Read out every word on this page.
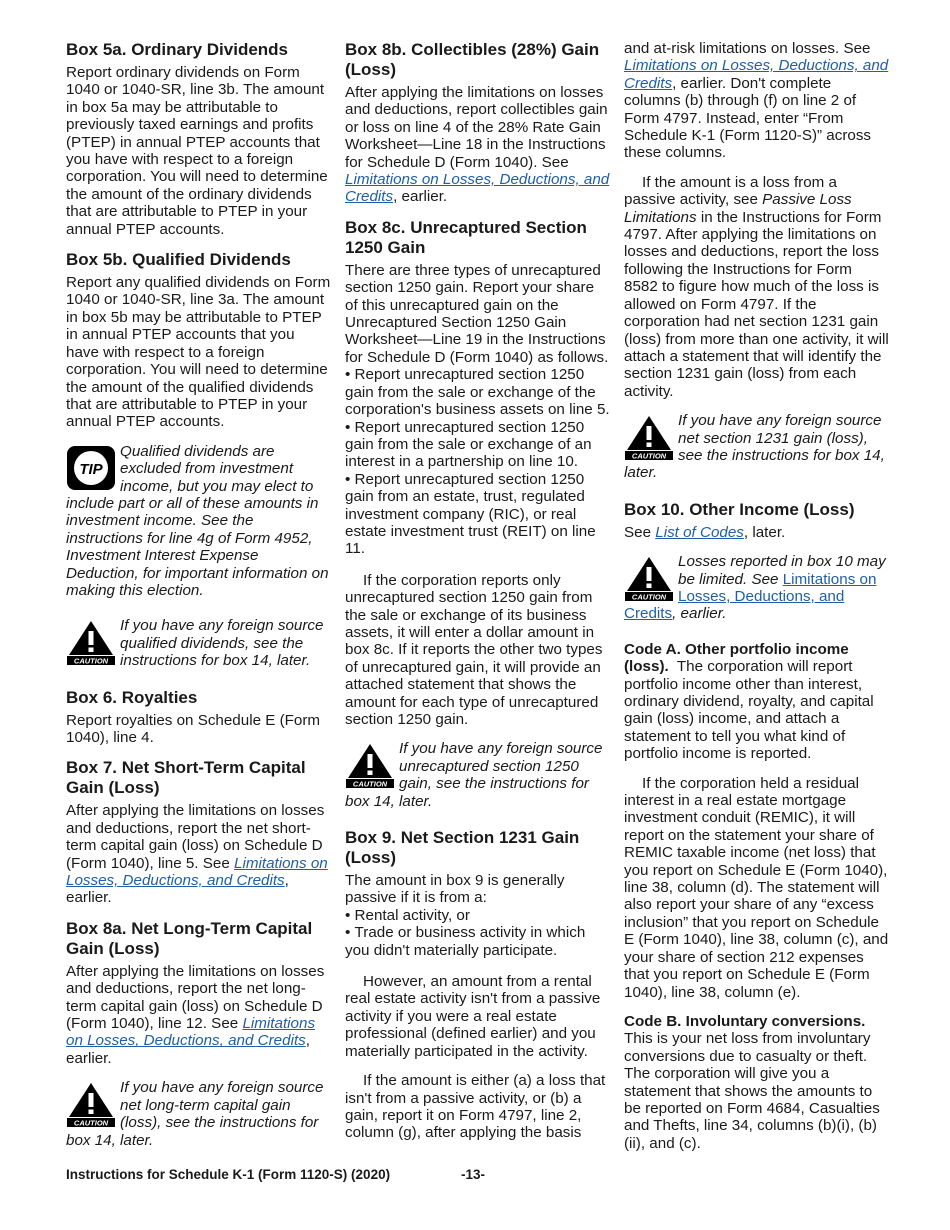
Box 5a. Ordinary Dividends

Report ordinary dividends on Form 1040 or 1040-SR, line 3b. The amount in box 5a may be attributable to previously taxed earnings and profits (PTEP) in annual PTEP accounts that you have with respect to a foreign corporation. You will need to determine the amount of the ordinary dividends that are attributable to PTEP in your annual PTEP accounts.

Box 5b. Qualified Dividends

Report any qualified dividends on Form 1040 or 1040-SR, line 3a. The amount in box 5b may be attributable to PTEP in annual PTEP accounts that you have with respect to a foreign corporation. You will need to determine the amount of the qualified dividends that are attributable to PTEP in your annual PTEP accounts.

TIP
Qualified dividends are excluded from investment income, but you may elect to include part or all of these amounts in investment income. See the instructions for line 4g of Form 4952, Investment Interest Expense Deduction, for important information on making this election.
CAUTION
If you have any foreign source qualified dividends, see the instructions for box 14, later.
Box 6. Royalties

Report royalties on Schedule E (Form 1040), line 4.

Box 7. Net Short-Term Capital Gain (Loss)

After applying the limitations on losses and deductions, report the net short-term capital gain (loss) on Schedule D (Form 1040), line 5. See Limitations on Losses, Deductions, and Credits, earlier.

Box 8a. Net Long-Term Capital Gain (Loss)

After applying the limitations on losses and deductions, report the net long-term capital gain (loss) on Schedule D (Form 1040), line 12. See Limitations on Losses, Deductions, and Credits, earlier.

CAUTION
If you have any foreign source net long-term capital gain (loss), see the instructions for box 14, later.
Box 8b. Collectibles (28%) Gain (Loss)

After applying the limitations on losses and deductions, report collectibles gain or loss on line 4 of the 28% Rate Gain Worksheet—Line 18 in the Instructions for Schedule D (Form 1040). See Limitations on Losses, Deductions, and Credits, earlier.

Box 8c. Unrecaptured Section 1250 Gain

There are three types of unrecaptured section 1250 gain. Report your share of this unrecaptured gain on the Unrecaptured Section 1250 Gain Worksheet—Line 19 in the Instructions for Schedule D (Form 1040) as follows.

• Report unrecaptured section 1250 gain from the sale or exchange of the corporation's business assets on line 5.

• Report unrecaptured section 1250 gain from the sale or exchange of an interest in a partnership on line 10.

• Report unrecaptured section 1250 gain from an estate, trust, regulated investment company (RIC), or real estate investment trust (REIT) on line 11.

If the corporation reports only unrecaptured section 1250 gain from the sale or exchange of its business assets, it will enter a dollar amount in box 8c. If it reports the other two types of unrecaptured gain, it will provide an attached statement that shows the amount for each type of unrecaptured section 1250 gain.

CAUTION
If you have any foreign source unrecaptured section 1250 gain, see the instructions for box 14, later.
Box 9. Net Section 1231 Gain (Loss)

The amount in box 9 is generally passive if it is from a:

• Rental activity, or

• Trade or business activity in which you didn't materially participate.

However, an amount from a rental real estate activity isn't from a passive activity if you were a real estate professional (defined earlier) and you materially participated in the activity.

If the amount is either (a) a loss that isn't from a passive activity, or (b) a gain, report it on Form 4797, line 2, column (g), after applying the basis

and at-risk limitations on losses. See Limitations on Losses, Deductions, and Credits, earlier. Don't complete columns (b) through (f) on line 2 of Form 4797. Instead, enter “From Schedule K-1 (Form 1120-S)” across these columns.

If the amount is a loss from a passive activity, see Passive Loss Limitations in the Instructions for Form 4797. After applying the limitations on losses and deductions, report the loss following the Instructions for Form 8582 to figure how much of the loss is allowed on Form 4797. If the corporation had net section 1231 gain (loss) from more than one activity, it will attach a statement that will identify the section 1231 gain (loss) from each activity.

CAUTION
If you have any foreign source net section 1231 gain (loss), see the instructions for box 14, later.
Box 10. Other Income (Loss)

See List of Codes, later.

CAUTION
Losses reported in box 10 may be limited. See Limitations on Losses, Deductions, and Credits, earlier.

Code A. Other portfolio income (loss). The corporation will report portfolio income other than interest, ordinary dividend, royalty, and capital gain (loss) income, and attach a statement to tell you what kind of portfolio income is reported.

If the corporation held a residual interest in a real estate mortgage investment conduit (REMIC), it will report on the statement your share of REMIC taxable income (net loss) that you report on Schedule E (Form 1040), line 38, column (d). The statement will also report your share of any “excess inclusion” that you report on Schedule E (Form 1040), line 38, column (c), and your share of section 212 expenses that you report on Schedule E (Form 1040), line 38, column (e).

Code B. Involuntary conversions.
This is your net loss from involuntary conversions due to casualty or theft. The corporation will give you a statement that shows the amounts to be reported on Form 4684, Casualties and Thefts, line 34, columns (b)(i), (b)(ii), and (c).

Instructions for Schedule K-1 (Form 1120-S) (2020)	-13-
